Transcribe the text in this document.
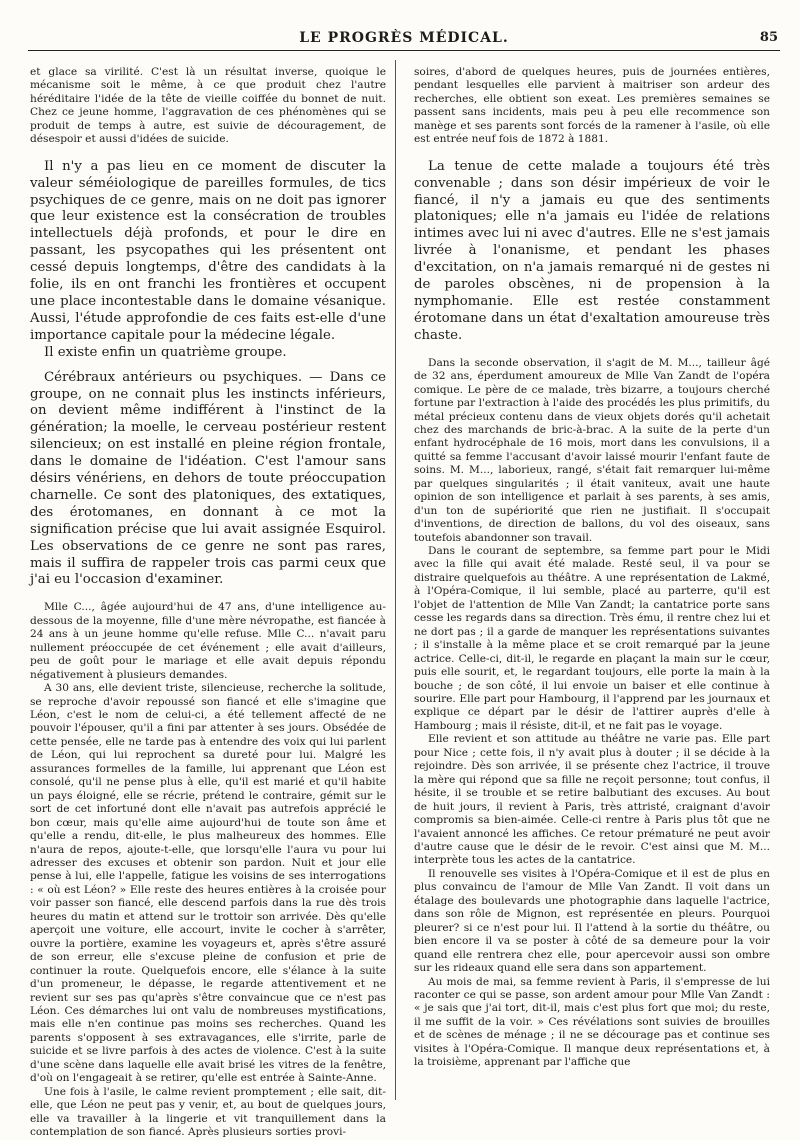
LE PROGRÈS MÉDICAL.	85

et glace sa virilité. C'est là un résultat inverse, quoique le mécanisme soit le même, à ce que produit chez l'autre héréditaire l'idée de la tête de vieille coiffée du bonnet de nuit. Chez ce jeune homme, l'aggravation de ces phénomènes qui se produit de temps à autre, est suivie de découragement, de désespoir et aussi d'idées de suicide.

Il n'y a pas lieu en ce moment de discuter la valeur séméiologique de pareilles formules, de tics psychiques de ce genre, mais on ne doit pas ignorer que leur existence est la consécration de troubles intellectuels déjà profonds, et pour le dire en passant, les psycopathes qui les présentent ont cessé depuis longtemps, d'être des candidats à la folie, ils en ont franchi les frontières et occupent une place incontestable dans le domaine vésanique. Aussi, l'étude approfondie de ces faits est-elle d'une importance capitale pour la médecine légale.

Il existe enfin un quatrième groupe.

Cérébraux antérieurs ou psychiques. — Dans ce groupe, on ne connait plus les instincts inférieurs, on devient même indifférent à l'instinct de la génération; la moelle, le cerveau postérieur restent silencieux; on est installé en pleine région frontale, dans le domaine de l'idéation. C'est l'amour sans désirs vénériens, en dehors de toute préoccupation charnelle. Ce sont des platoniques, des extatiques, des érotomanes, en donnant à ce mot la signification précise que lui avait assignée Esquirol. Les observations de ce genre ne sont pas rares, mais il suffira de rappeler trois cas parmi ceux que j'ai eu l'occasion d'examiner.

Mlle C..., âgée aujourd'hui de 47 ans, d'une intelligence au-dessous de la moyenne, fille d'une mère névropathe, est fiancée à 24 ans à un jeune homme qu'elle refuse. Mlle C... n'avait paru nullement préoccupée de cet événement ; elle avait d'ailleurs, peu de goût pour le mariage et elle avait depuis répondu négativement à plusieurs demandes.

A 30 ans, elle devient triste, silencieuse, recherche la solitude, se reproche d'avoir repoussé son fiancé et elle s'imagine que Léon, c'est le nom de celui-ci, a été tellement affecté de ne pouvoir l'épouser, qu'il a fini par attenter à ses jours. Obsédée de cette pensée, elle ne tarde pas à entendre des voix qui lui parlent de Léon, qui lui reprochent sa dureté pour lui. Malgré les assurances formelles de la famille, lui apprenant que Léon est consolé, qu'il ne pense plus à elle, qu'il est marié et qu'il habite un pays éloigné, elle se récrie, prétend le contraire, gémit sur le sort de cet infortuné dont elle n'avait pas autrefois apprécié le bon cœur, mais qu'elle aime aujourd'hui de toute son âme et qu'elle a rendu, dit-elle, le plus malheureux des hommes. Elle n'aura de repos, ajoute-t-elle, que lorsqu'elle l'aura vu pour lui adresser des excuses et obtenir son pardon. Nuit et jour elle pense à lui, elle l'appelle, fatigue les voisins de ses interrogations : « où est Léon? » Elle reste des heures entières à la croisée pour voir passer son fiancé, elle descend parfois dans la rue dès trois heures du matin et attend sur le trottoir son arrivée. Dès qu'elle aperçoit une voiture, elle accourt, invite le cocher à s'arrêter, ouvre la portière, examine les voyageurs et, après s'être assuré de son erreur, elle s'excuse pleine de confusion et prie de continuer la route. Quelquefois encore, elle s'élance à la suite d'un promeneur, le dépasse, le regarde attentivement et ne revient sur ses pas qu'après s'être convaincue que ce n'est pas Léon. Ces démarches lui ont valu de nombreuses mystifications, mais elle n'en continue pas moins ses recherches. Quand les parents s'opposent à ses extravagances, elle s'irrite, parle de suicide et se livre parfois à des actes de violence. C'est à la suite d'une scène dans laquelle elle avait brisé les vitres de la fenêtre, d'où on l'engageait à se retirer, qu'elle est entrée à Sainte-Anne.

Une fois à l'asile, le calme revient promptement ; elle sait, dit-elle, que Léon ne peut pas y venir, et, au bout de quelques jours, elle va travailler à la lingerie et vit tranquillement dans la contemplation de son fiancé. Après plusieurs sorties provi-

soires, d'abord de quelques heures, puis de journées entières, pendant lesquelles elle parvient à maitriser son ardeur des recherches, elle obtient son exeat. Les premières semaines se passent sans incidents, mais peu à peu elle recommence son manège et ses parents sont forcés de la ramener à l'asile, où elle est entrée neuf fois de 1872 à 1881.

La tenue de cette malade a toujours été très convenable ; dans son désir impérieux de voir le fiancé, il n'y a jamais eu que des sentiments platoniques; elle n'a jamais eu l'idée de relations intimes avec lui ni avec d'autres. Elle ne s'est jamais livrée à l'onanisme, et pendant les phases d'excitation, on n'a jamais remarqué ni de gestes ni de paroles obscènes, ni de propension à la nymphomanie. Elle est restée constamment érotomane dans un état d'exaltation amoureuse très chaste.

Dans la seconde observation, il s'agit de M. M..., tailleur âgé de 32 ans, éperdument amoureux de Mlle Van Zandt de l'opéra comique. Le père de ce malade, très bizarre, a toujours cherché fortune par l'extraction à l'aide des procédés les plus primitifs, du métal précieux contenu dans de vieux objets dorés qu'il achetait chez des marchands de bric-à-brac. A la suite de la perte d'un enfant hydrocéphale de 16 mois, mort dans les convulsions, il a quitté sa femme l'accusant d'avoir laissé mourir l'enfant faute de soins. M. M..., laborieux, rangé, s'était fait remarquer lui-même par quelques singularités ; il était vaniteux, avait une haute opinion de son intelligence et parlait à ses parents, à ses amis, d'un ton de supériorité que rien ne justifiait. Il s'occupait d'inventions, de direction de ballons, du vol des oiseaux, sans toutefois abandonner son travail.

Dans le courant de septembre, sa femme part pour le Midi avec la fille qui avait été malade. Resté seul, il va pour se distraire quelquefois au théâtre. A une représentation de Lakmé, à l'Opéra-Comique, il lui semble, placé au parterre, qu'il est l'objet de l'attention de Mlle Van Zandt; la cantatrice porte sans cesse les regards dans sa direction. Très ému, il rentre chez lui et ne dort pas ; il a garde de manquer les représentations suivantes ; il s'installe à la même place et se croit remarqué par la jeune actrice. Celle-ci, dit-il, le regarde en plaçant la main sur le cœur, puis elle sourit, et, le regardant toujours, elle porte la main à la bouche ; de son côté, il lui envoie un baiser et elle continue à sourire. Elle part pour Hambourg, il l'apprend par les journaux et explique ce départ par le désir de l'attirer auprès d'elle à Hambourg ; mais il résiste, dit-il, et ne fait pas le voyage.

Elle revient et son attitude au théâtre ne varie pas. Elle part pour Nice ; cette fois, il n'y avait plus à douter ; il se décide à la rejoindre. Dès son arrivée, il se présente chez l'actrice, il trouve la mère qui répond que sa fille ne reçoit personne; tout confus, il hésite, il se trouble et se retire balbutiant des excuses. Au bout de huit jours, il revient à Paris, très attristé, craignant d'avoir compromis sa bien-aimée. Celle-ci rentre à Paris plus tôt que ne l'avaient annoncé les affiches. Ce retour prématuré ne peut avoir d'autre cause que le désir de le revoir. C'est ainsi que M. M... interprète tous les actes de la cantatrice.

Il renouvelle ses visites à l'Opéra-Comique et il est de plus en plus convaincu de l'amour de Mlle Van Zandt. Il voit dans un étalage des boulevards une photographie dans laquelle l'actrice, dans son rôle de Mignon, est représentée en pleurs. Pourquoi pleurer? si ce n'est pour lui. Il l'attend à la sortie du théâtre, ou bien encore il va se poster à côté de sa demeure pour la voir quand elle rentrera chez elle, pour apercevoir aussi son ombre sur les rideaux quand elle sera dans son appartement.

Au mois de mai, sa femme revient à Paris, il s'empresse de lui raconter ce qui se passe, son ardent amour pour Mlle Van Zandt : « je sais que j'ai tort, dit-il, mais c'est plus fort que moi; du reste, il me suffit de la voir. » Ces révélations sont suivies de brouilles et de scènes de ménage ; il ne se décourage pas et continue ses visites à l'Opéra-Comique. Il manque deux représentations et, à la troisième, apprenant par l'affiche que
